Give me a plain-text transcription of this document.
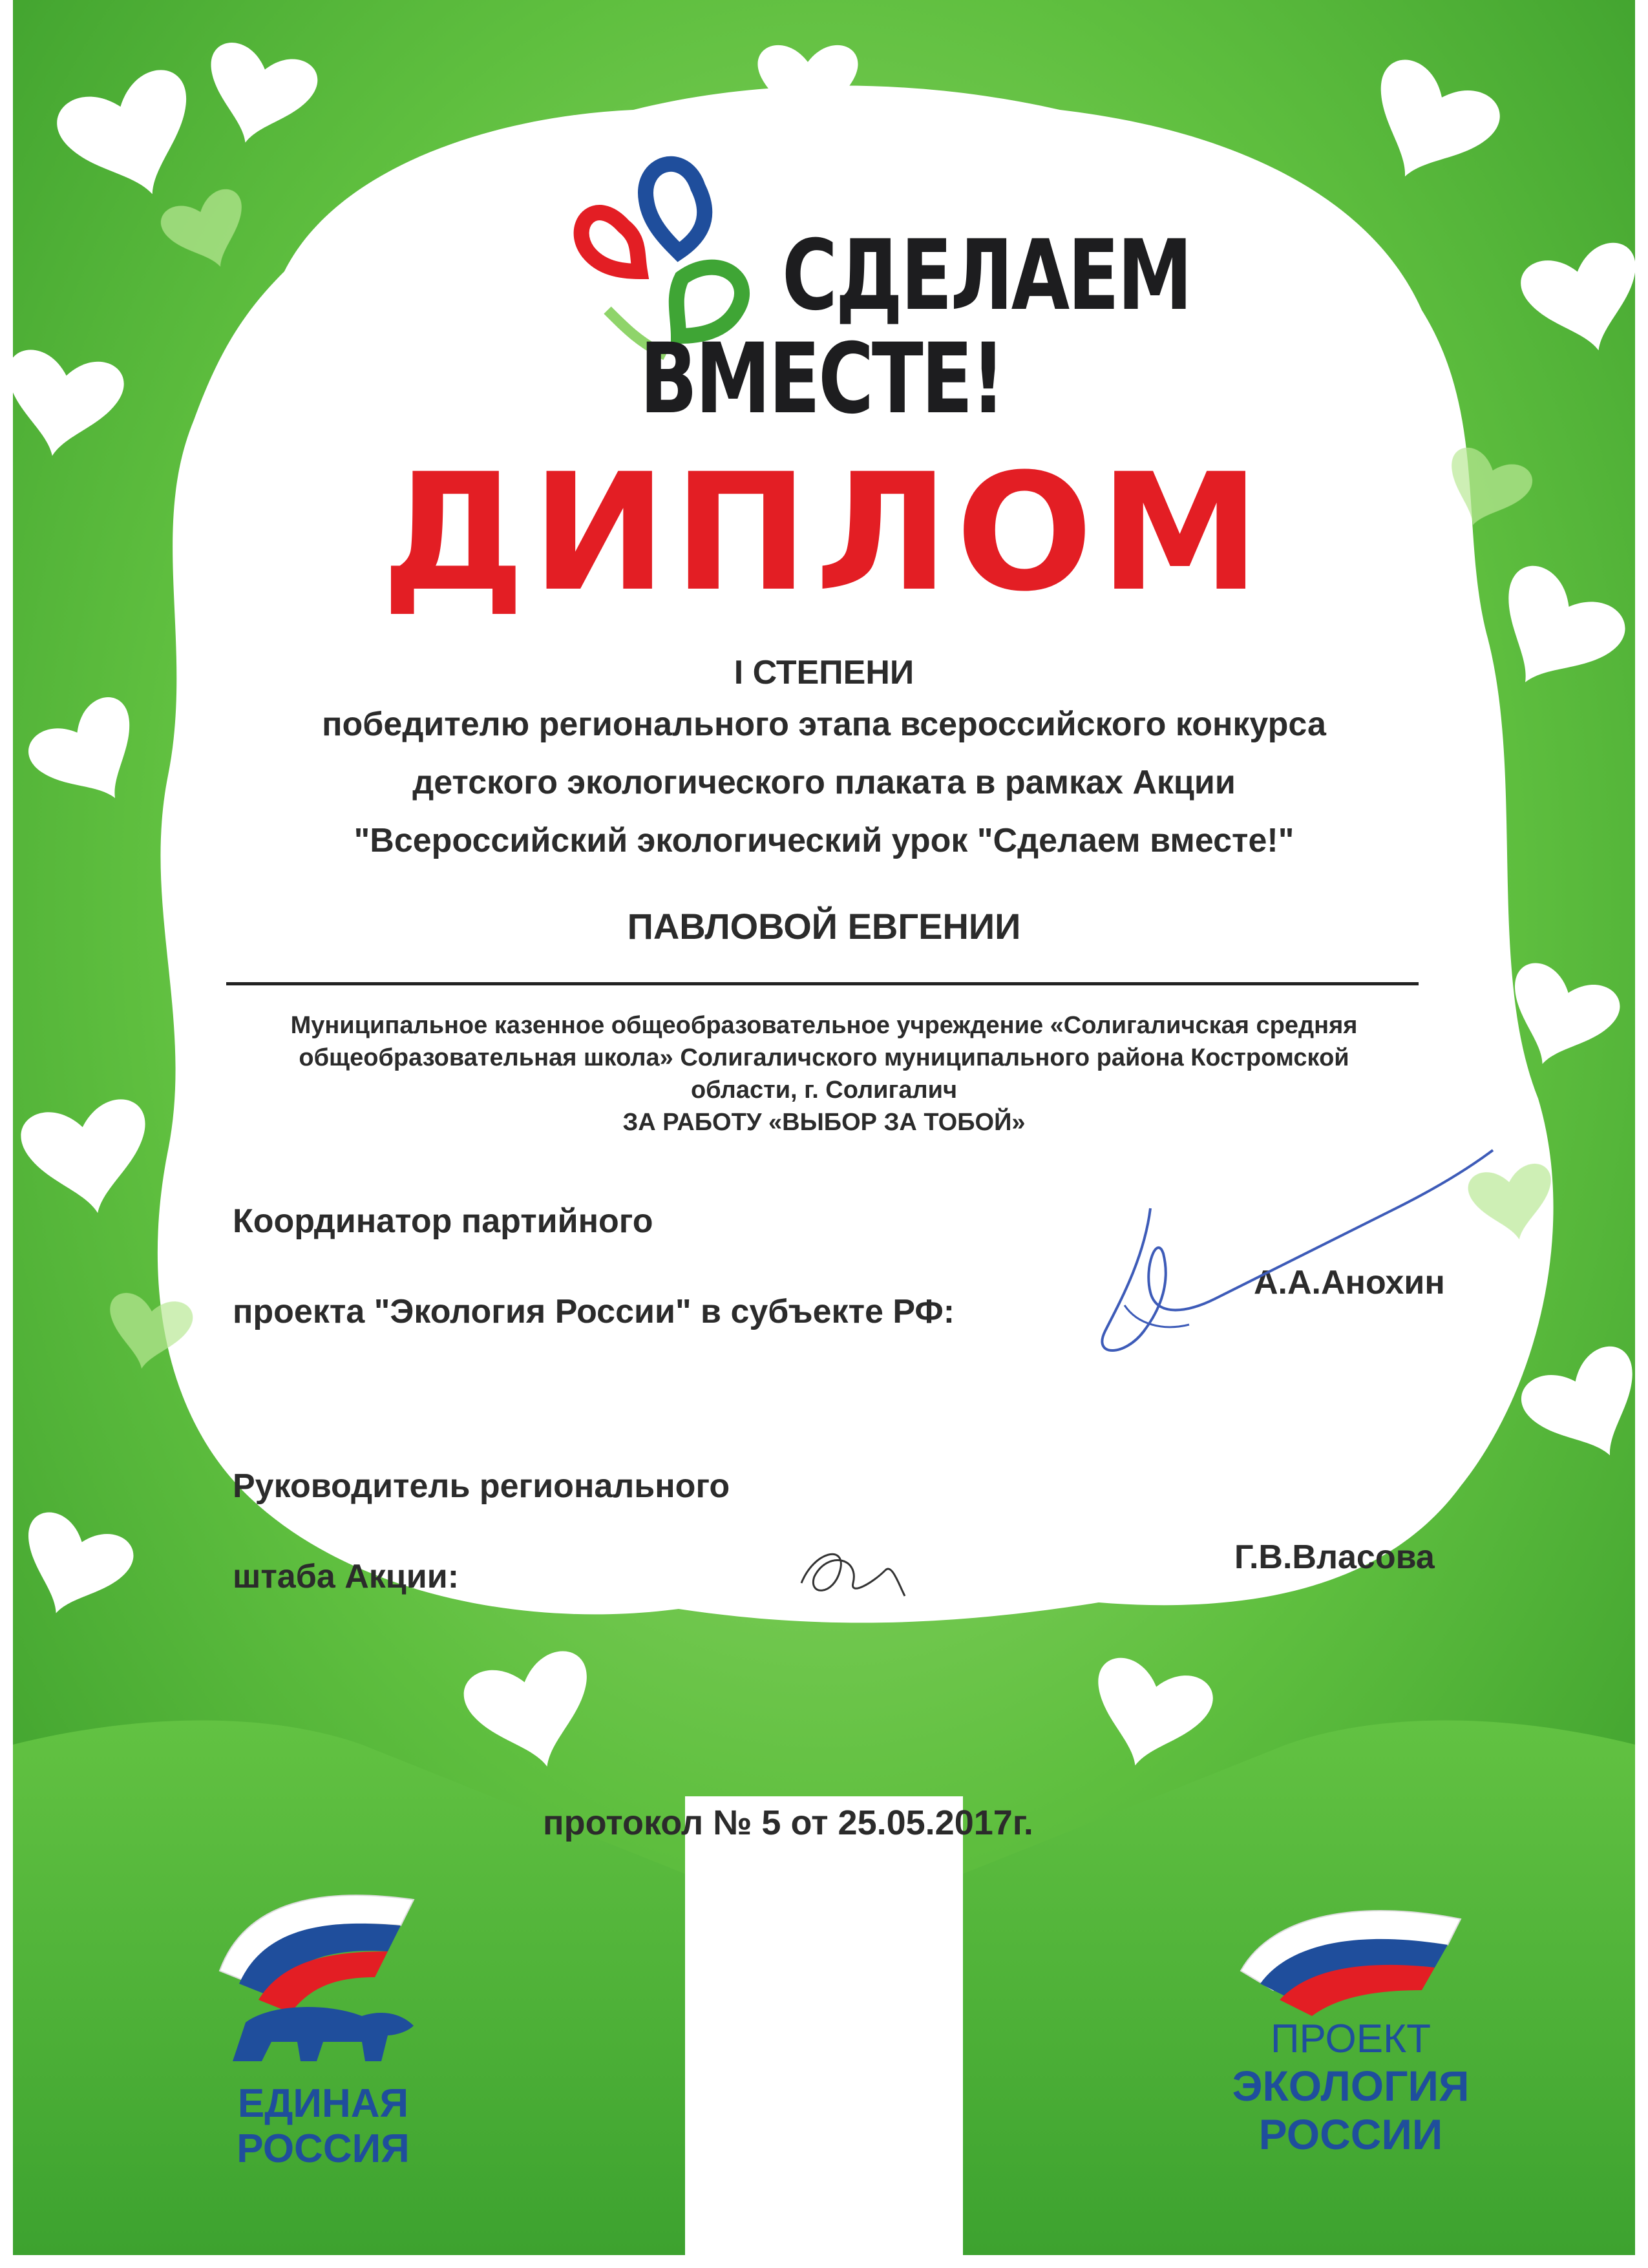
СДЕЛАЕМ
ВМЕСТЕ!
ДИПЛОМ
I СТЕПЕНИ
победителю регионального этапа всероссийского конкурса
детского экологического плаката в рамках Акции
"Всероссийский экологический урок "Сделаем вместе!"
ПАВЛОВОЙ ЕВГЕНИИ
Муниципальное казенное общеобразовательное учреждение «Солигаличская средняя
общеобразовательная школа» Солигаличского муниципального района Костромской
области, г. Солигалич
ЗА РАБОТУ «ВЫБОР ЗА ТОБОЙ»
Координатор партийного
проекта "Экология России" в субъекте РФ:
А.А.Анохин
Руководитель регионального
штаба Акции:
Г.В.Власова
протокол № 5 от 25.05.2017г.
ЕДИНАЯ
РОССИЯ
ПРОЕКТ
ЭКОЛОГИЯ
РОССИИ
